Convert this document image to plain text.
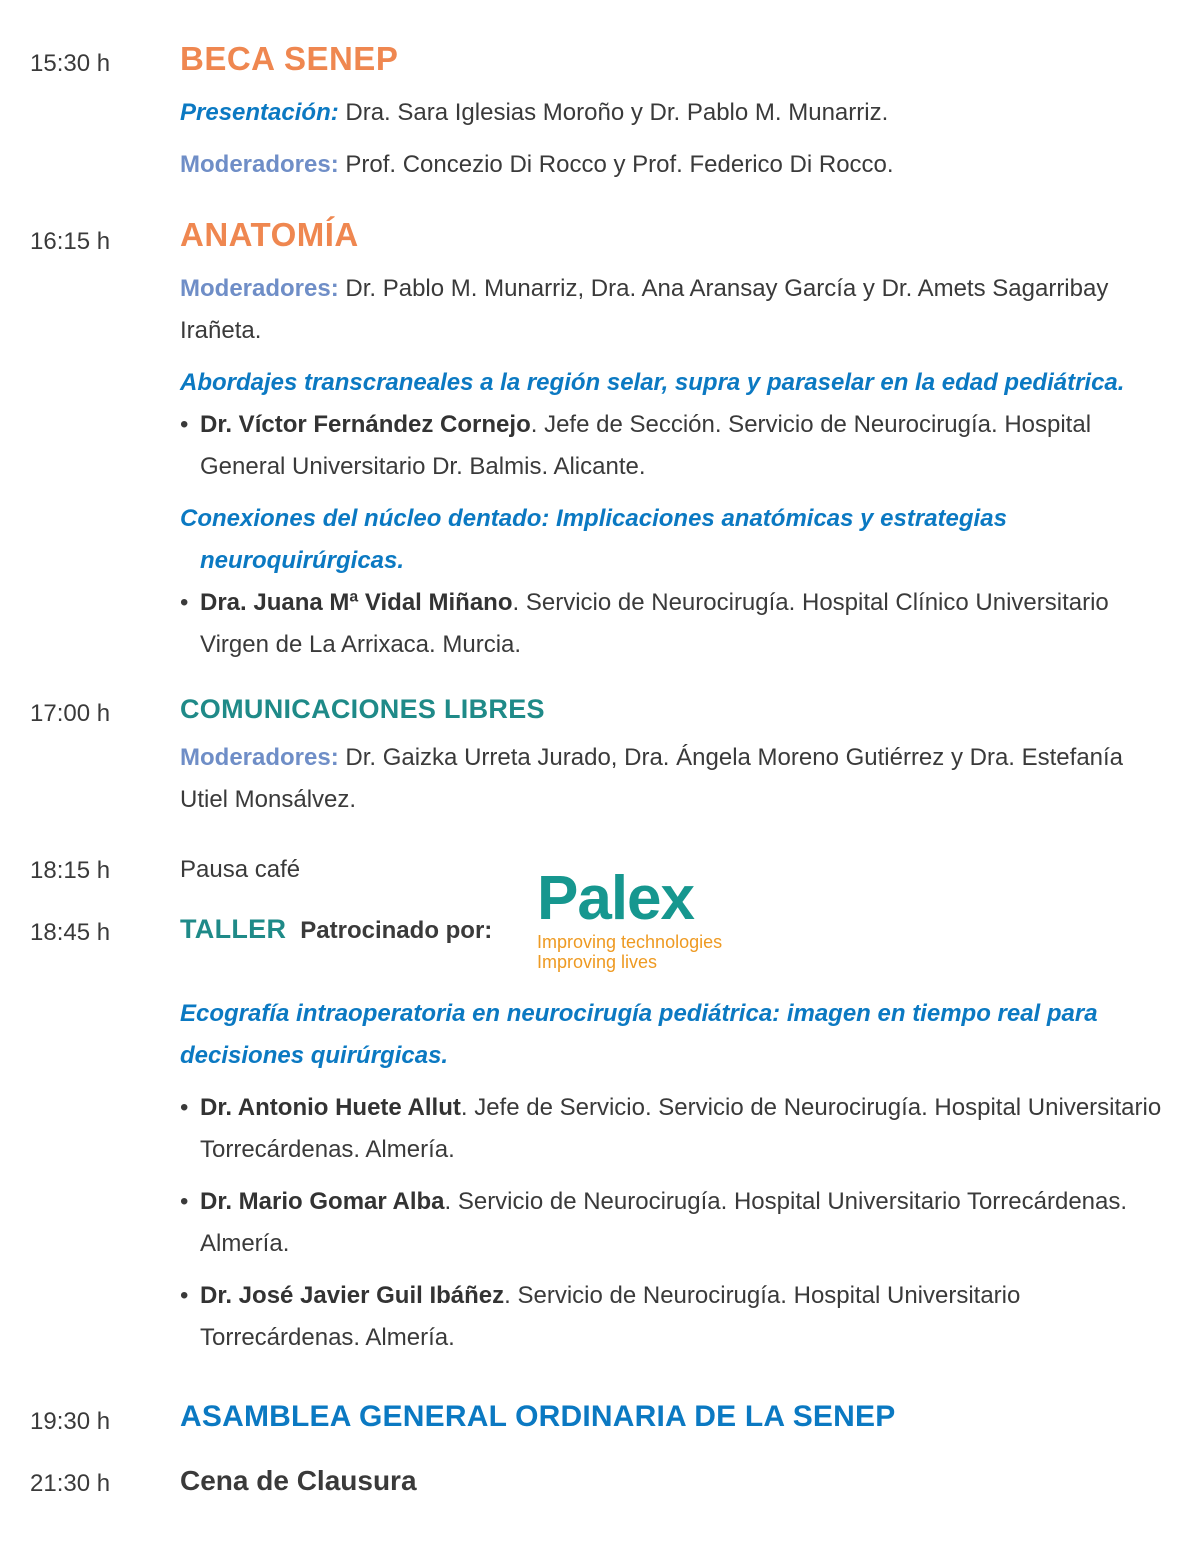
15:30 h BECA SENEP
Presentación: Dra. Sara Iglesias Moroño y Dr. Pablo M. Munarriz.
Moderadores: Prof. Concezio Di Rocco y Prof. Federico Di Rocco.
16:15 h ANATOMÍA
Moderadores: Dr. Pablo M. Munarriz, Dra. Ana Aransay García y Dr. Amets Sagarribay Irañeta.
Abordajes transcraneales a la región selar, supra y paraselar en la edad pediátrica.
• Dr. Víctor Fernández Cornejo. Jefe de Sección. Servicio de Neurocirugía. Hospital General Universitario Dr. Balmis. Alicante.
Conexiones del núcleo dentado: Implicaciones anatómicas y estrategias neuroquirúrgicas.
• Dra. Juana Mª Vidal Miñano. Servicio de Neurocirugía. Hospital Clínico Universitario Virgen de La Arrixaca. Murcia.
17:00 h	COMUNICACIONES LIBRES
Moderadores: Dr. Gaizka Urreta Jurado, Dra. Ángela Moreno Gutiérrez y Dra. Estefanía Utiel Monsálvez.
18:15 h	Pausa café
18:45 h	TALLER Patrocinado por: Palex
Improving technologies
Improving lives
Ecografía intraoperatoria en neurocirugía pediátrica: imagen en tiempo real para decisiones quirúrgicas.
• Dr. Antonio Huete Allut. Jefe de Servicio. Servicio de Neurocirugía. Hospital Universitario Torrecárdenas. Almería.
• Dr. Mario Gomar Alba. Servicio de Neurocirugía. Hospital Universitario Torrecárdenas. Almería.
• Dr. José Javier Guil Ibáñez. Servicio de Neurocirugía. Hospital Universitario Torrecárdenas. Almería.
19:30 h ASAMBLEA GENERAL ORDINARIA DE LA SENEP
21:30 h Cena de Clausura
